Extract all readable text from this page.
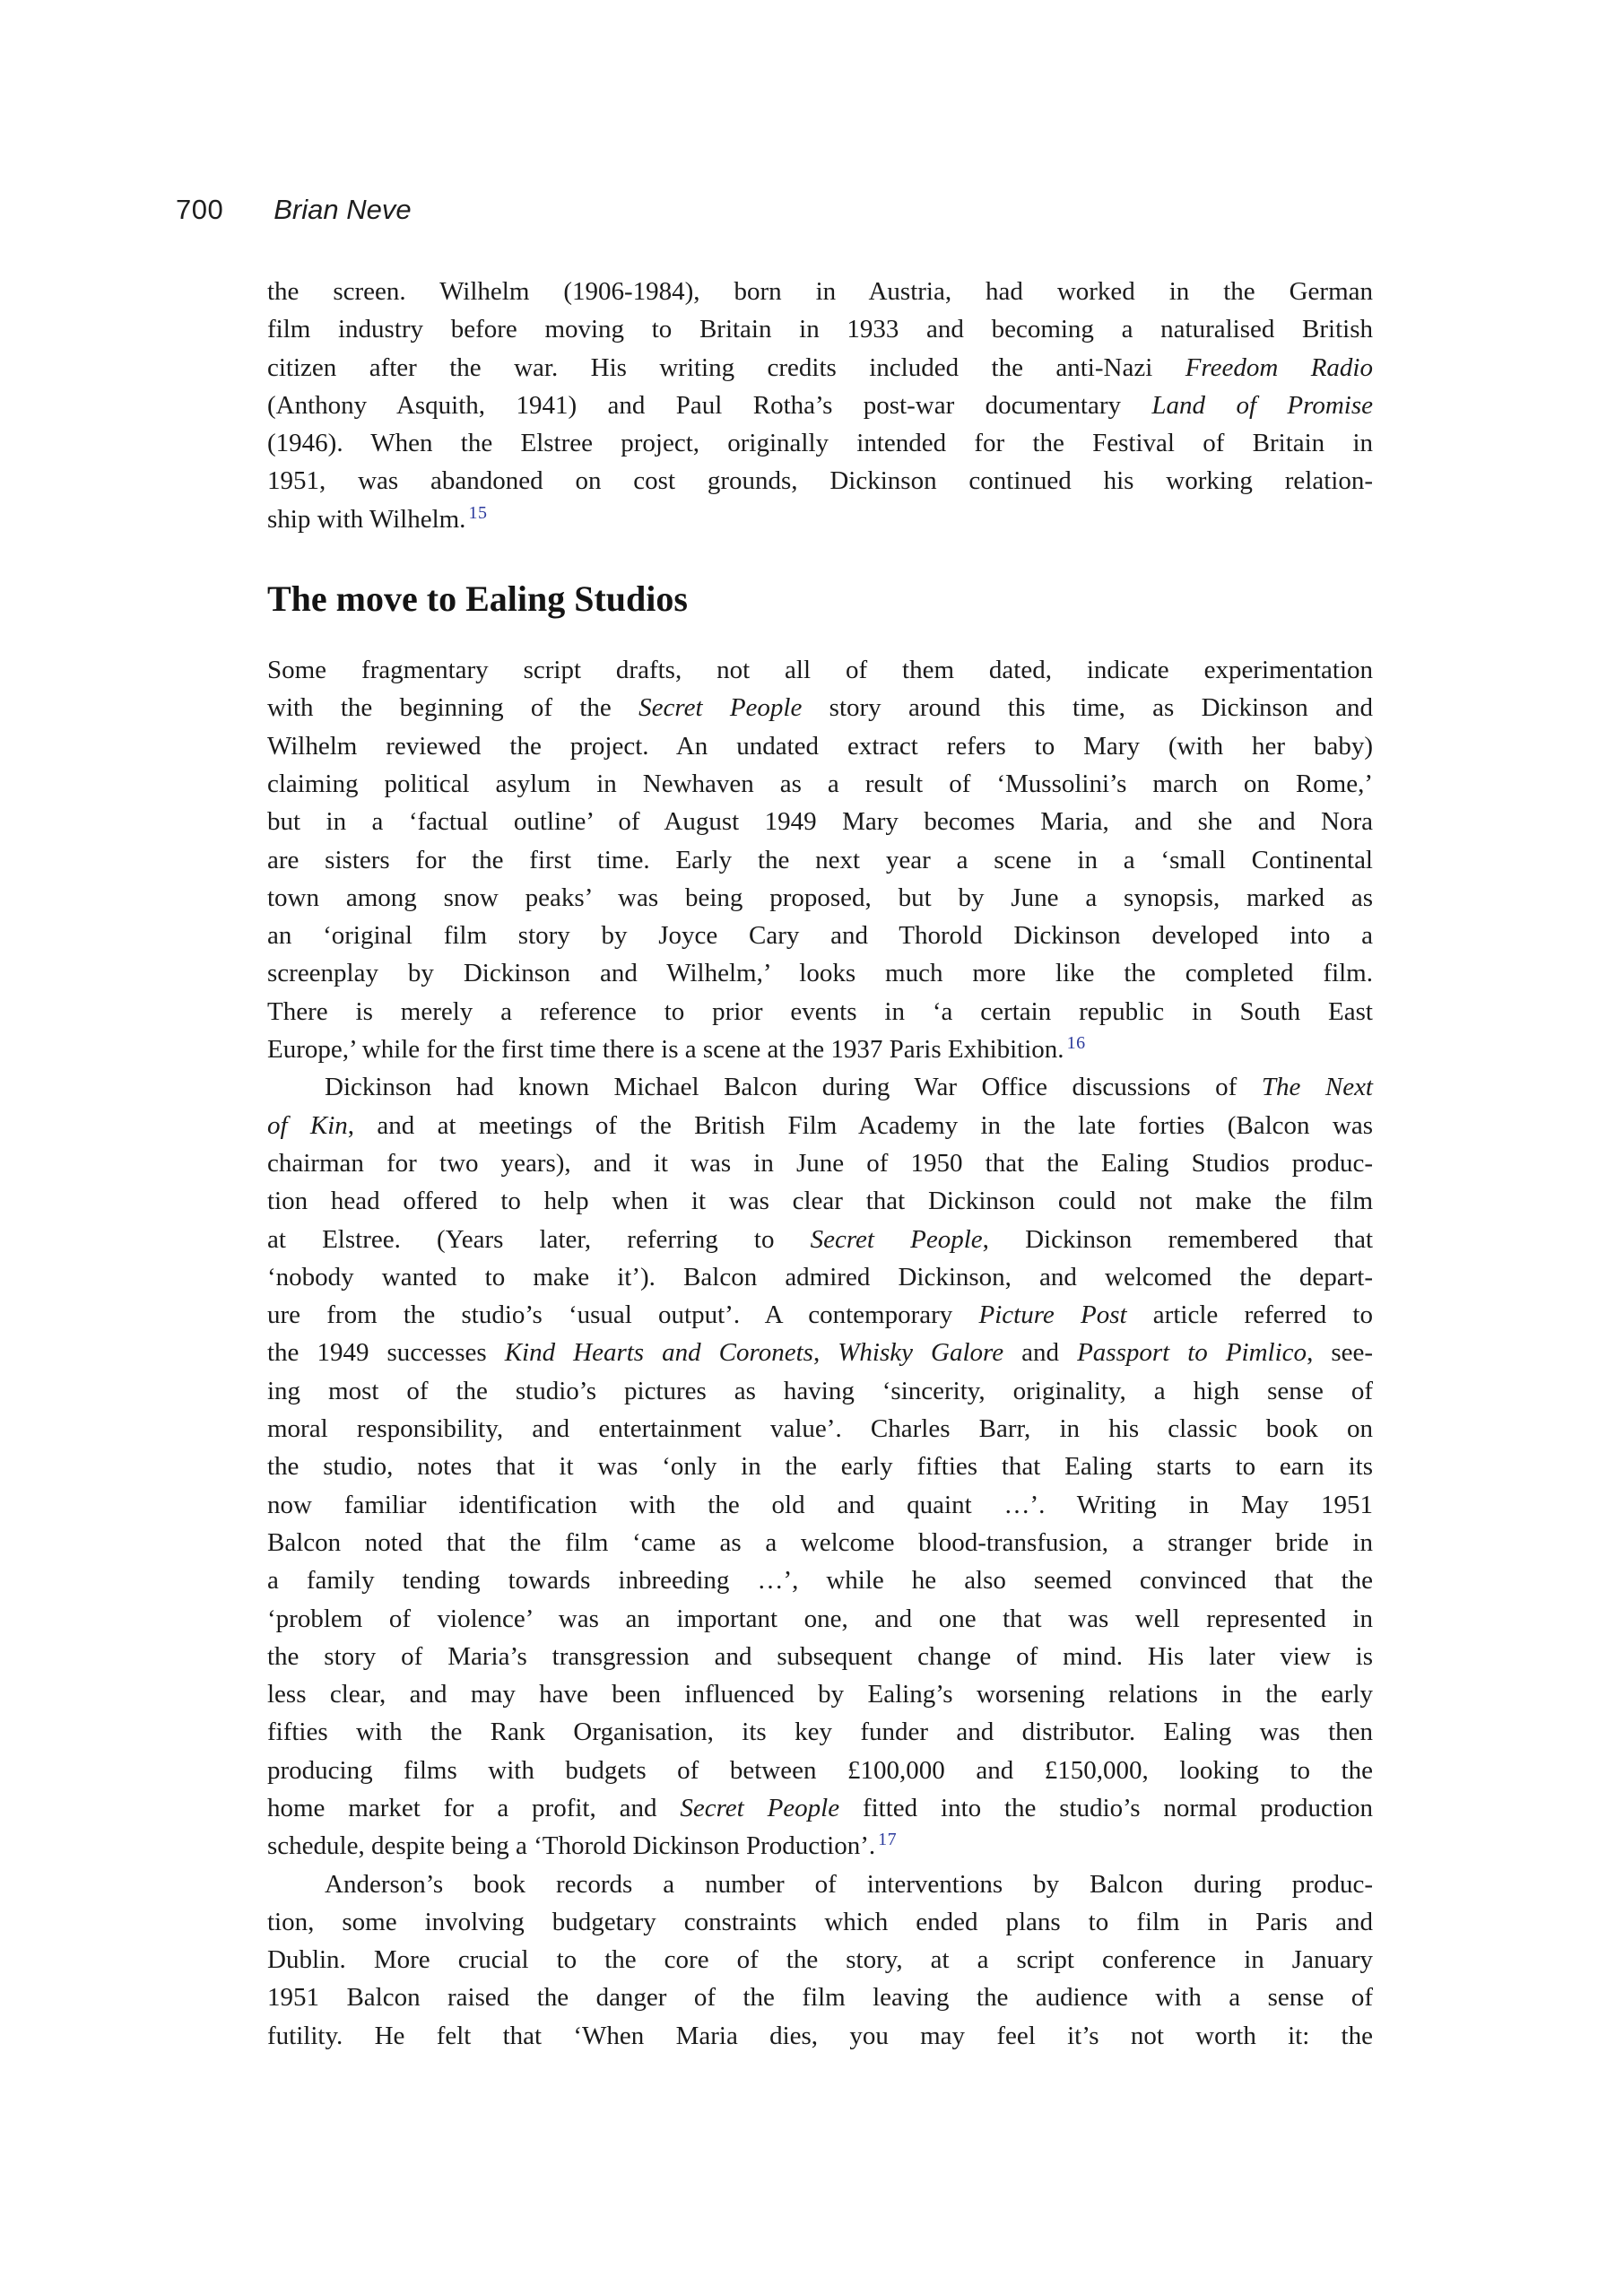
700 Brian Neve
the screen. Wilhelm (1906-1984), born in Austria, had worked in the German
film industry before moving to Britain in 1933 and becoming a naturalised British
citizen after the war. His writing credits included the anti-Nazi Freedom Radio
(Anthony Asquith, 1941) and Paul Rotha’s post-war documentary Land of Promise
(1946). When the Elstree project, originally intended for the Festival of Britain in
1951, was abandoned on cost grounds, Dickinson continued his working relation-
ship with Wilhelm. $^{15}$
The move to Ealing Studios
Some fragmentary script drafts, not all of them dated, indicate experimentation
with the beginning of the Secret People story around this time, as Dickinson and
Wilhelm reviewed the project. An undated extract refers to Mary (with her baby)
claiming political asylum in Newhaven as a result of ‘Mussolini’s march on Rome,’
but in a ‘factual outline’ of August 1949 Mary becomes Maria, and she and Nora
are sisters for the first time. Early the next year a scene in a ‘small Continental
town among snow peaks’ was being proposed, but by June a synopsis, marked as
an ‘original film story by Joyce Cary and Thorold Dickinson developed into a
screenplay by Dickinson and Wilhelm,’ looks much more like the completed film.
There is merely a reference to prior events in ‘a certain republic in South East
Europe,’ while for the first time there is a scene at the 1937 Paris Exhibition. $^{16}$
Dickinson had known Michael Balcon during War Office discussions of The Next
of Kin, and at meetings of the British Film Academy in the late forties (Balcon was
chairman for two years), and it was in June of 1950 that the Ealing Studios produc-
tion head offered to help when it was clear that Dickinson could not make the film
at Elstree. (Years later, referring to Secret People, Dickinson remembered that
‘nobody wanted to make it’). Balcon admired Dickinson, and welcomed the depart-
ure from the studio’s ‘usual output’. A contemporary Picture Post article referred to
the 1949 successes Kind Hearts and Coronets, Whisky Galore and Passport to Pimlico, see-
ing most of the studio’s pictures as having ‘sincerity, originality, a high sense of
moral responsibility, and entertainment value’. Charles Barr, in his classic book on
the studio, notes that it was ‘only in the early fifties that Ealing starts to earn its
now familiar identification with the old and quaint …’. Writing in May 1951
Balcon noted that the film ‘came as a welcome blood-transfusion, a stranger bride in
a family tending towards inbreeding …’, while he also seemed convinced that the
‘problem of violence’ was an important one, and one that was well represented in
the story of Maria’s transgression and subsequent change of mind. His later view is
less clear, and may have been influenced by Ealing’s worsening relations in the early
fifties with the Rank Organisation, its key funder and distributor. Ealing was then
producing films with budgets of between £100,000 and £150,000, looking to the
home market for a profit, and Secret People fitted into the studio’s normal production
schedule, despite being a ‘Thorold Dickinson Production’. $^{17}$
Anderson’s book records a number of interventions by Balcon during produc-
tion, some involving budgetary constraints which ended plans to film in Paris and
Dublin. More crucial to the core of the story, at a script conference in January
1951 Balcon raised the danger of the film leaving the audience with a sense of
futility. He felt that ‘When Maria dies, you may feel it’s not worth it: the
